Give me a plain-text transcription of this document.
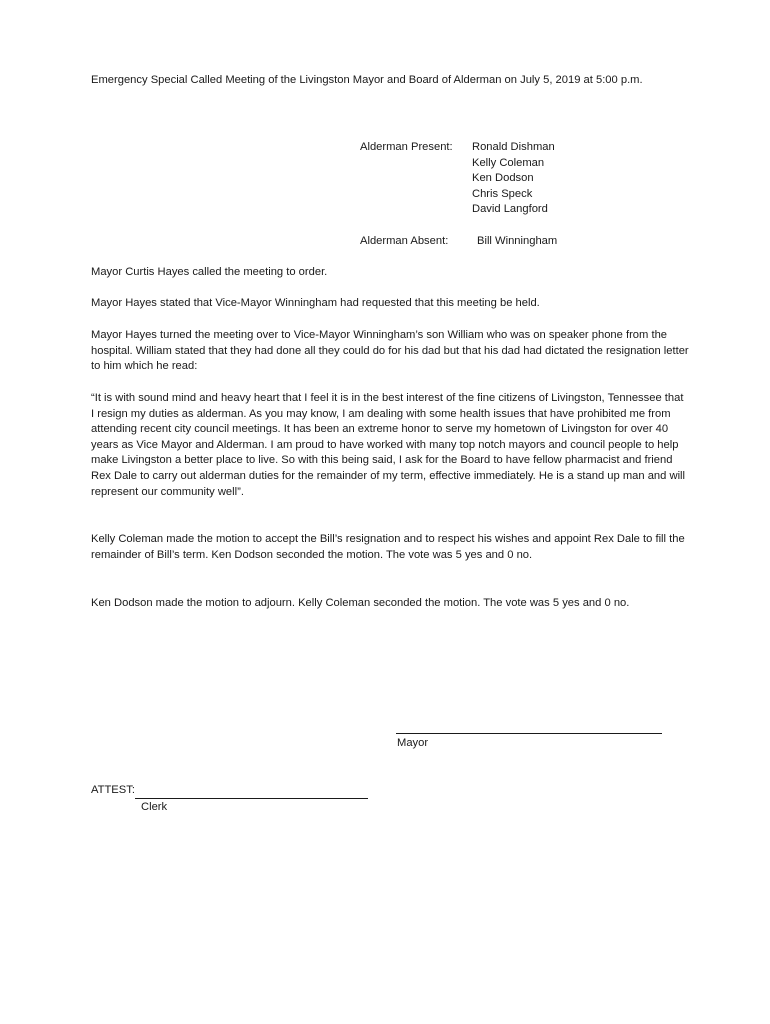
Emergency Special Called Meeting of the Livingston Mayor and Board of Alderman on July 5, 2019 at 5:00 p.m.

Alderman Present: Ronald Dishman
Kelly Coleman
Ken Dodson
Chris Speck
David Langford
Alderman Absent:	Bill Winningham

Mayor Curtis Hayes called the meeting to order.

Mayor Hayes stated that Vice-Mayor Winningham had requested that this meeting be held.

Mayor Hayes turned the meeting over to Vice-Mayor Winningham’s son William who was on speaker phone from the hospital. William stated that they had done all they could do for his dad but that his dad had dictated the resignation letter to him which he read:

“It is with sound mind and heavy heart that I feel it is in the best interest of the fine citizens of Livingston, Tennessee that I resign my duties as alderman. As you may know, I am dealing with some health issues that have prohibited me from attending recent city council meetings. It has been an extreme honor to serve my hometown of Livingston for over 40 years as Vice Mayor and Alderman. I am proud to have worked with many top notch mayors and council people to help make Livingston a better place to live. So with this being said, I ask for the Board to have fellow pharmacist and friend Rex Dale to carry out alderman duties for the remainder of my term, effective immediately. He is a stand up man and will represent our community well”.

Kelly Coleman made the motion to accept the Bill’s resignation and to respect his wishes and appoint Rex Dale to fill the remainder of Bill’s term. Ken Dodson seconded the motion. The vote was 5 yes and 0 no.

Ken Dodson made the motion to adjourn. Kelly Coleman seconded the motion. The vote was 5 yes and 0 no.

Mayor
ATTEST:
Clerk
